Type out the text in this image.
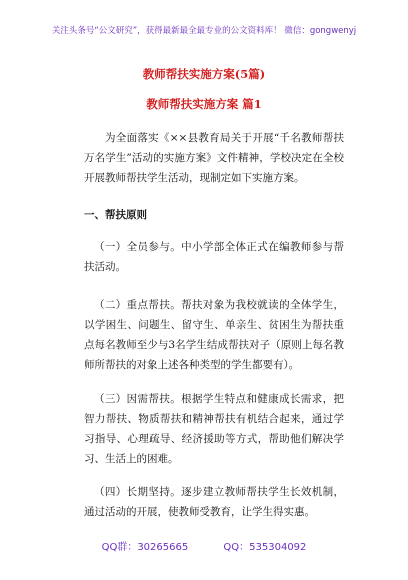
关注头条号“公文研究”，获得最新最全最专业的公文资料库！ 微信：gongwenyj
教师帮扶实施方案(5篇)
教师帮扶实施方案 篇1
为全面落实《××县教育局关于开展“千名教师帮扶万名学生”活动的实施方案》文件精神，学校决定在全校开展教师帮扶学生活动，现制定如下实施方案。
一、帮扶原则
（一）全员参与。中小学部全体正式在编教师参与帮扶活动。
（二）重点帮扶。帮扶对象为我校就读的全体学生，以学困生、问题生、留守生、单亲生、贫困生为帮扶重点每名教师至少与3名学生结成帮扶对子（原则上每名教师所帮扶的对象上述各种类型的学生都要有）。
（三）因需帮扶。根据学生特点和健康成长需求，把智力帮扶、物质帮扶和精神帮扶有机结合起来，通过学习指导、心理疏导、经济援助等方式，帮助他们解决学习、生活上的困难。
（四）长期坚持。逐步建立教师帮扶学生长效机制，通过活动的开展，使教师受教育，让学生得实惠。
QQ群：30265665	QQ：535304092
